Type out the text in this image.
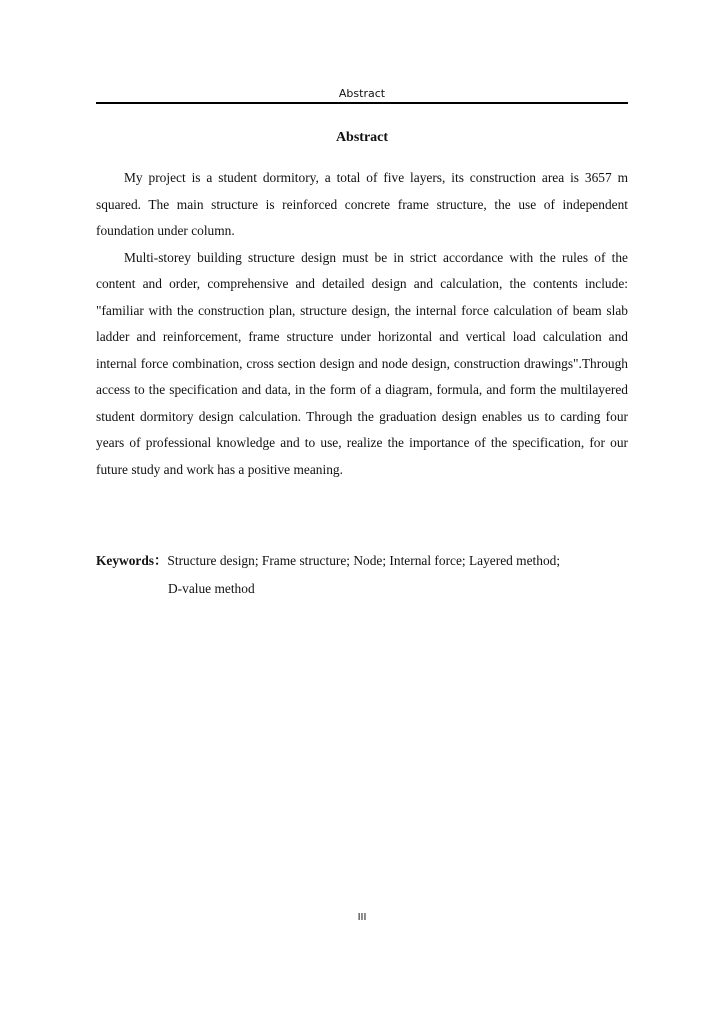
Abstract
Abstract

My project is a student dormitory, a total of five layers, its construction area is 3657 m squared. The main structure is reinforced concrete frame structure, the use of independent foundation under column.

Multi-storey building structure design must be in strict accordance with the rules of the content and order, comprehensive and detailed design and calculation, the contents include: "familiar with the construction plan, structure design, the internal force calculation of beam slab ladder and reinforcement, frame structure under horizontal and vertical load calculation and internal force combination, cross section design and node design, construction drawings".Through access to the specification and data, in the form of a diagram, formula, and form the multilayered student dormitory design calculation. Through the graduation design enables us to carding four years of professional knowledge and to use, realize the importance of the specification, for our future study and work has a positive meaning.

Keywords：Structure design; Frame structure; Node; Internal force; Layered method;
D-value method
III
